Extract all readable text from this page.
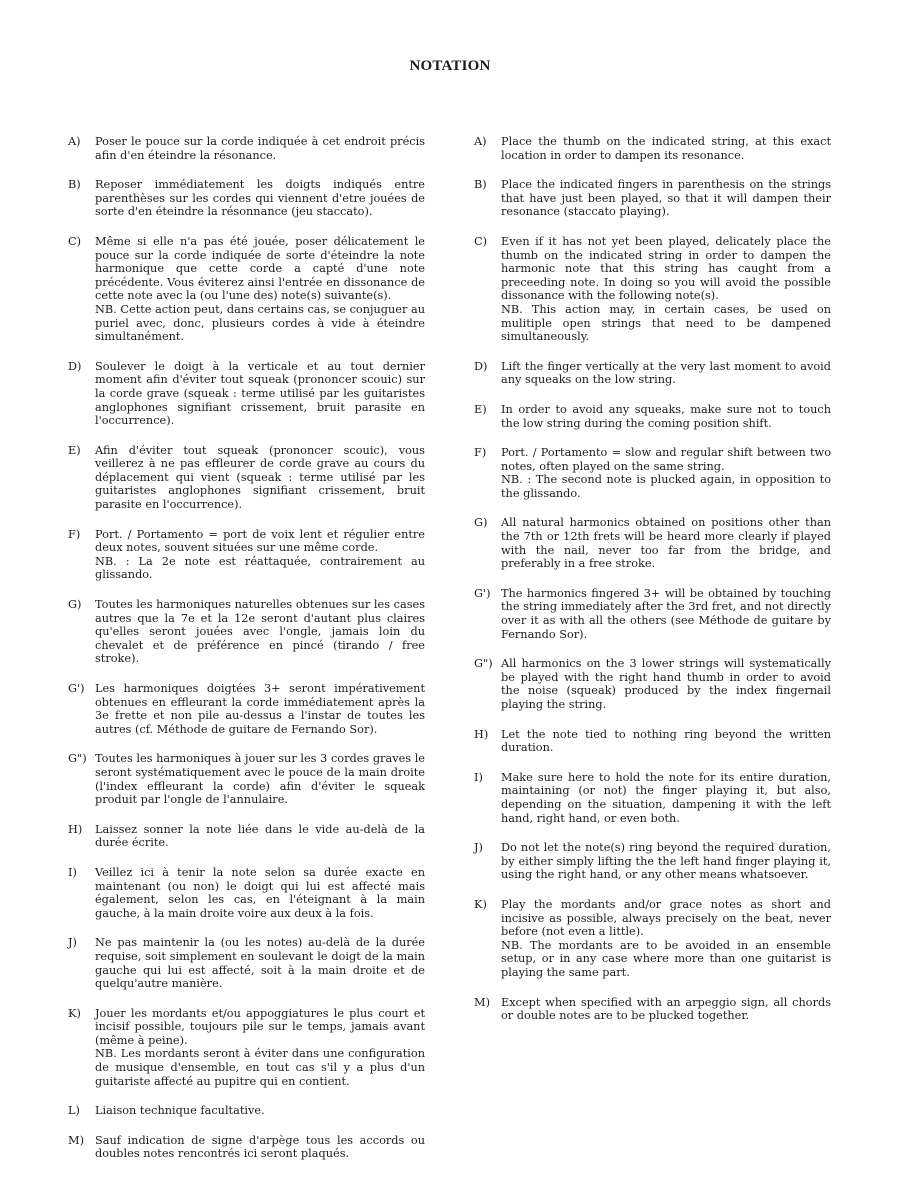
NOTATION
A)	Poser le pouce sur la corde indiquée à cet endroit précis afin d'en éteindre la résonance.
B)	Reposer immédiatement les doigts indiqués entre parenthèses sur les cordes qui viennent d'etre jouées de sorte d'en éteindre la résonnance (jeu staccato).
C)	Même si elle n'a pas été jouée, poser délicatement le pouce sur la corde indiquée de sorte d'éteindre la note harmonique que cette corde a capté d'une note précédente. Vous éviterez ainsi l'entrée en dissonance de cette note avec la (ou l'une des) note(s) suivante(s).
NB. Cette action peut, dans certains cas, se conjuguer au puriel avec, donc, plusieurs cordes à vide à éteindre simultanément.
D)	Soulever le doigt à la verticale et au tout dernier moment afin d'éviter tout squeak (prononcer scouic) sur la corde grave (squeak : terme utilisé par les guitaristes anglophones signifiant crissement, bruit parasite en l'occurrence).
E)	Afin d'éviter tout squeak (prononcer scouic), vous veillerez à ne pas effleurer de corde grave au cours du déplacement qui vient (squeak : terme utilisé par les guitaristes anglophones signifiant crissement, bruit parasite en l'occurrence).
F)	Port. / Portamento = port de voix lent et régulier entre deux notes, souvent situées sur une même corde.
NB. : La 2e note est réattaquée, contrairement au glissando.
G)	Toutes les harmoniques naturelles obtenues sur les cases autres que la 7e et la 12e seront d'autant plus claires qu'elles seront jouées avec l'ongle, jamais loin du chevalet et de préférence en pincé (tirando / free stroke).
G') Les harmoniques doigtées 3+ seront impérativement obtenues en effleurant la corde immédiatement après la 3e frette et non pile au-dessus a l'instar de toutes les autres (cf. Méthode de guitare de Fernando Sor).
G") Toutes les harmoniques à jouer sur les 3 cordes graves le seront systématiquement avec le pouce de la main droite (l'index effleurant la corde) afin d'éviter le squeak produit par l'ongle de l'annulaire.
H)	Laissez sonner la note liée dans le vide au-delà de la durée écrite.
I)	Veillez ici à tenir la note selon sa durée exacte en maintenant (ou non) le doigt qui lui est affecté mais également, selon les cas, en l'éteignant à la main gauche, à la main droite voire aux deux à la fois.
J)	Ne pas maintenir la (ou les notes) au-delà de la durée requise, soit simplement en soulevant le doigt de la main gauche qui lui est affecté, soit à la main droite et de quelqu'autre manière.
K)	Jouer les mordants et/ou appoggiatures le plus court et incisif possible, toujours pile sur le temps, jamais avant (même à peine).
NB. Les mordants seront à éviter dans une configuration de musique d'ensemble, en tout cas s'il y a plus d'un guitariste affecté au pupitre qui en contient.
L)	Liaison technique facultative.
M) Sauf indication de signe d'arpège tous les accords ou doubles notes rencontrés ici seront plaqués.
A)	Place the thumb on the indicated string, at this exact location in order to dampen its resonance.
B)	Place the indicated fingers in parenthesis on the strings that have just been played, so that it will dampen their resonance (staccato playing).
C)	Even if it has not yet been played, delicately place the thumb on the indicated string in order to dampen the harmonic note that this string has caught from a preceeding note. In doing so you will avoid the possible dissonance with the following note(s).
NB. This action may, in certain cases, be used on mulitiple open strings that need to be dampened simultaneously.
D)	Lift the finger vertically at the very last moment to avoid any squeaks on the low string.
E)	In order to avoid any squeaks, make sure not to touch the low string during the coming position shift.
F)	Port. / Portamento = slow and regular shift between two notes, often played on the same string.
NB. : The second note is plucked again, in opposition to the glissando.
G)	All natural harmonics obtained on positions other than the 7th or 12th frets will be heard more clearly if played with the nail, never too far from the bridge, and preferably in a free stroke.
G') The harmonics fingered 3+ will be obtained by touching the string immediately after the 3rd fret, and not directly over it as with all the others (see Méthode de guitare by Fernando Sor).
G") All harmonics on the 3 lower strings will systematically be played with the right hand thumb in order to avoid the noise (squeak) produced by the index fingernail playing the string.
H)	Let the note tied to nothing ring beyond the written duration.
I)	Make sure here to hold the note for its entire duration, maintaining (or not) the finger playing it, but also, depending on the situation, dampening it with the left hand, right hand, or even both.
J)	Do not let the note(s) ring beyond the required duration, by either simply lifting the the left hand finger playing it, using the right hand, or any other means whatsoever.
K)	Play the mordants and/or grace notes as short and incisive as possible, always precisely on the beat, never before (not even a little).
NB. The mordants are to be avoided in an ensemble setup, or in any case where more than one guitarist is playing the same part.
M) Except when specified with an arpeggio sign, all chords or double notes are to be plucked together.
